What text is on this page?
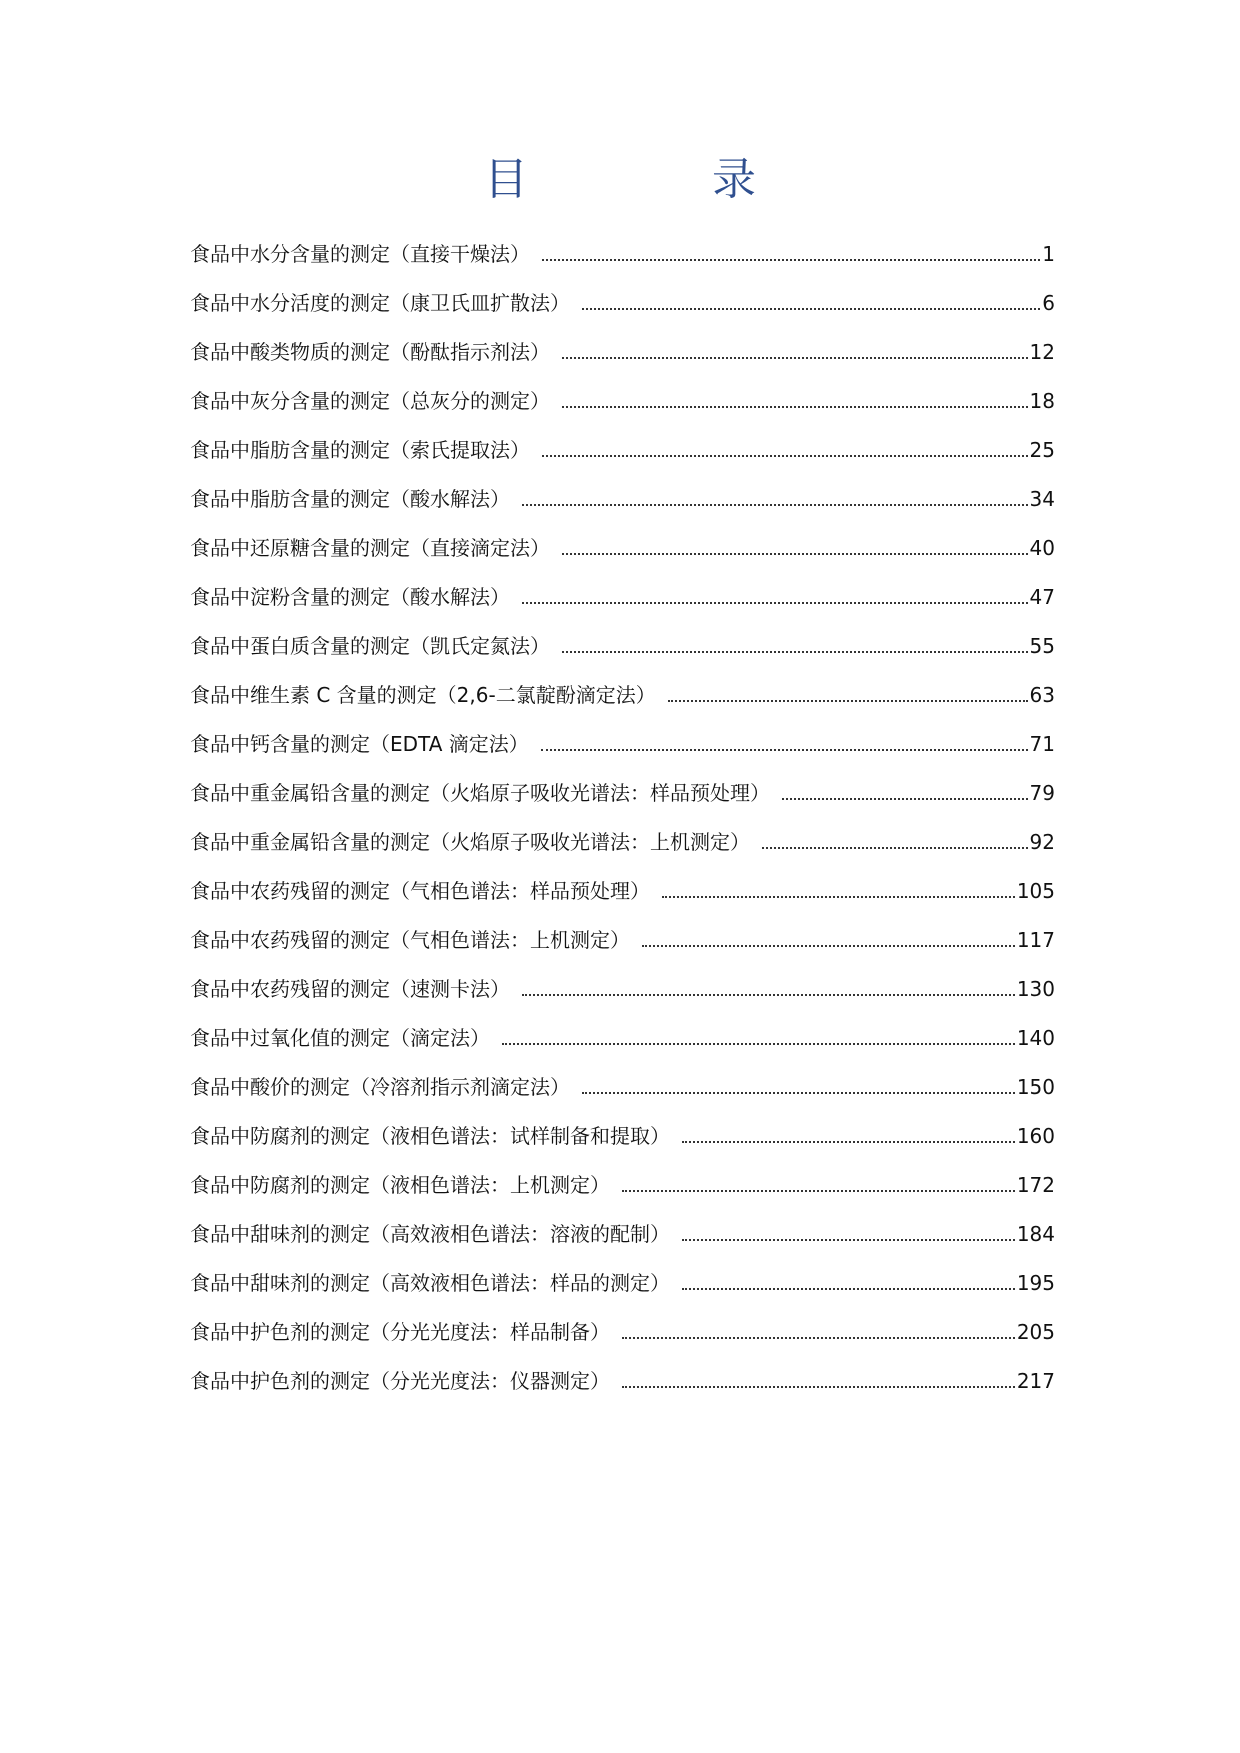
目　录
食品中水分含量的测定（直接干燥法）	1
食品中水分活度的测定（康卫氏皿扩散法）	6
食品中酸类物质的测定（酚酞指示剂法）	12
食品中灰分含量的测定（总灰分的测定）	18
食品中脂肪含量的测定（索氏提取法）	25
食品中脂肪含量的测定（酸水解法）	34
食品中还原糖含量的测定（直接滴定法）	40
食品中淀粉含量的测定（酸水解法）	47
食品中蛋白质含量的测定（凯氏定氮法）	55
食品中维生素 C 含量的测定（2,6-二氯靛酚滴定法）	63
食品中钙含量的测定（EDTA 滴定法）	71
食品中重金属铅含量的测定（火焰原子吸收光谱法：样品预处理）	79
食品中重金属铅含量的测定（火焰原子吸收光谱法：上机测定）	92
食品中农药残留的测定（气相色谱法：样品预处理）	105
食品中农药残留的测定（气相色谱法：上机测定）	117
食品中农药残留的测定（速测卡法）	130
食品中过氧化值的测定（滴定法）	140
食品中酸价的测定（冷溶剂指示剂滴定法）	150
食品中防腐剂的测定（液相色谱法：试样制备和提取）	160
食品中防腐剂的测定（液相色谱法：上机测定）	172
食品中甜味剂的测定（高效液相色谱法：溶液的配制）	184
食品中甜味剂的测定（高效液相色谱法：样品的测定）	195
食品中护色剂的测定（分光光度法：样品制备）	205
食品中护色剂的测定（分光光度法：仪器测定）	217
